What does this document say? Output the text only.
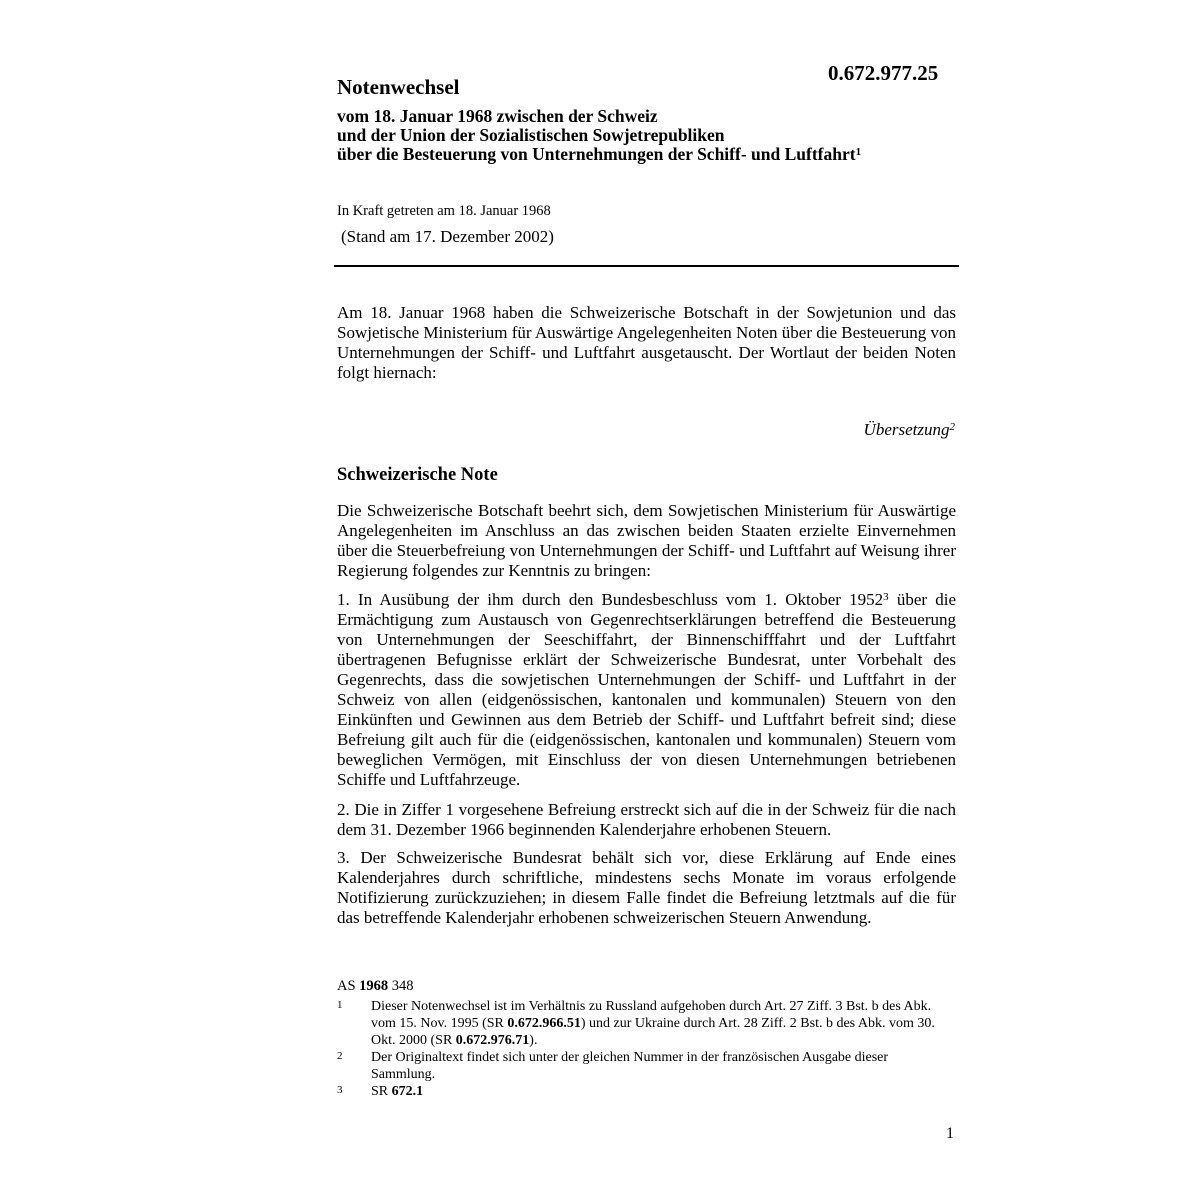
Notenwechsel
0.672.977.25
vom 18. Januar 1968 zwischen der Schweiz
und der Union der Sozialistischen Sowjetrepubliken
über die Besteuerung von Unternehmungen der Schiff- und Luftfahrt$^1$
In Kraft getreten am 18. Januar 1968
(Stand am 17. Dezember 2002)
Am 18. Januar 1968 haben die Schweizerische Botschaft in der Sowjetunion und das Sowjetische Ministerium für Auswärtige Angelegenheiten Noten über die Besteuerung von Unternehmungen der Schiff- und Luftfahrt ausgetauscht. Der Wortlaut der beiden Noten folgt hiernach:
Übersetzung$^2$
Schweizerische Note
Die Schweizerische Botschaft beehrt sich, dem Sowjetischen Ministerium für Auswärtige Angelegenheiten im Anschluss an das zwischen beiden Staaten erzielte Einvernehmen über die Steuerbefreiung von Unternehmungen der Schiff- und Luftfahrt auf Weisung ihrer Regierung folgendes zur Kenntnis zu bringen:
1. In Ausübung der ihm durch den Bundesbeschluss vom 1. Oktober 1952$^3$ über die Ermächtigung zum Austausch von Gegenrechtserklärungen betreffend die Besteuerung von Unternehmungen der Seeschiffahrt, der Binnenschifffahrt und der Luftfahrt übertragenen Befugnisse erklärt der Schweizerische Bundesrat, unter Vorbehalt des Gegenrechts, dass die sowjetischen Unternehmungen der Schiff- und Luftfahrt in der Schweiz von allen (eidgenössischen, kantonalen und kommunalen) Steuern von den Einkünften und Gewinnen aus dem Betrieb der Schiff- und Luftfahrt befreit sind; diese Befreiung gilt auch für die (eidgenössischen, kantonalen und kommunalen) Steuern vom beweglichen Vermögen, mit Einschluss der von diesen Unternehmungen betriebenen Schiffe und Luftfahrzeuge.
2. Die in Ziffer 1 vorgesehene Befreiung erstreckt sich auf die in der Schweiz für die nach dem 31. Dezember 1966 beginnenden Kalenderjahre erhobenen Steuern.
3. Der Schweizerische Bundesrat behält sich vor, diese Erklärung auf Ende eines Kalenderjahres durch schriftliche, mindestens sechs Monate im voraus erfolgende Notifizierung zurückzuziehen; in diesem Falle findet die Befreiung letztmals auf die für das betreffende Kalenderjahr erhobenen schweizerischen Steuern Anwendung.
AS 1968 348
1 Dieser Notenwechsel ist im Verhältnis zu Russland aufgehoben durch Art. 27 Ziff. 3 Bst. b des Abk. vom 15. Nov. 1995 (SR 0.672.966.51) und zur Ukraine durch Art. 28 Ziff. 2 Bst. b des Abk. vom 30. Okt. 2000 (SR 0.672.976.71).
2 Der Originaltext findet sich unter der gleichen Nummer in der französischen Ausgabe dieser Sammlung.
3 SR 672.1
1
